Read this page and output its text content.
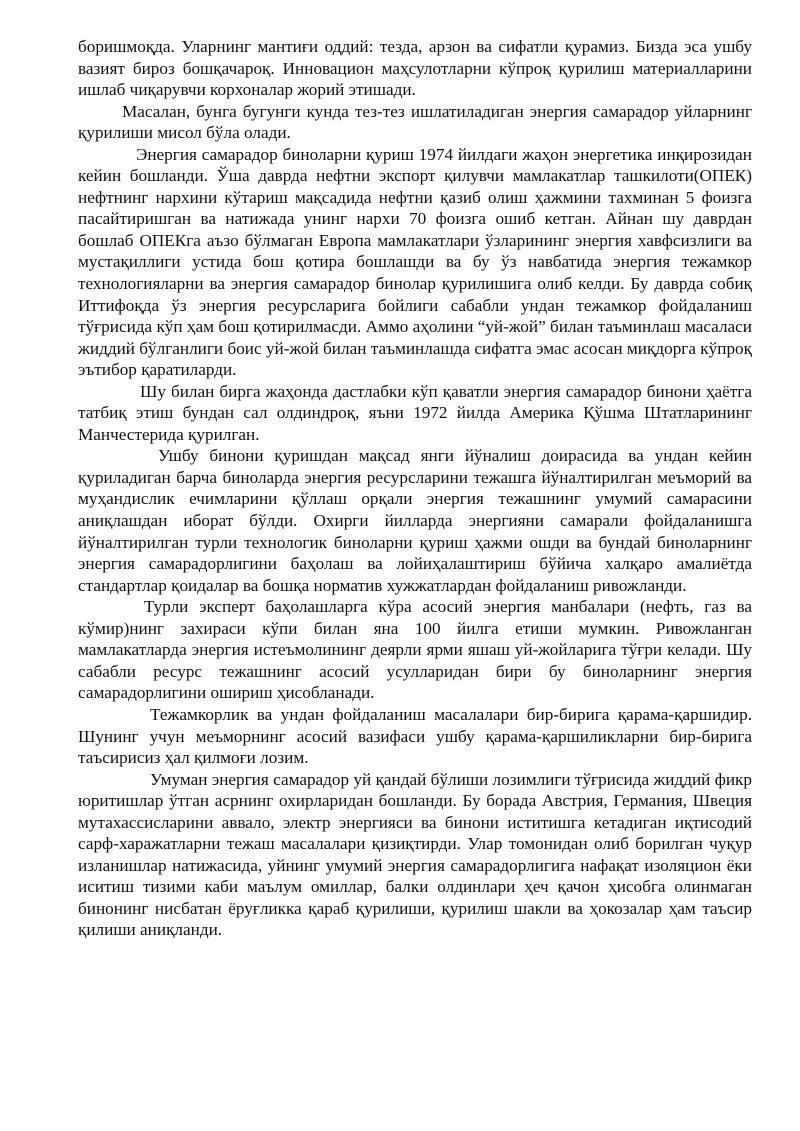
боришмоқда. Уларнинг мантиғи оддий: тезда, арзон ва сифатли қурамиз. Бизда эса ушбу вазият бироз бошқачароқ. Инновацион маҳсулотларни кўпроқ қурилиш материалларини ишлаб чиқарувчи корхоналар жорий этишади.

Масалан, бунга бугунги кунда тез-тез ишлатиладиган энергия самарадор уйларнинг қурилиши мисол бўла олади.

Энергия самарадор биноларни қуриш 1974 йилдаги жаҳон энергетика инқирозидан кейин бошланди. Ўша даврда нефтни экспорт қилувчи мамлакатлар ташкилоти(ОПЕК) нефтнинг нархини кўтариш мақсадида нефтни қазиб олиш ҳажмини тахминан 5 фоизга пасайтиришган ва натижада унинг нархи 70 фоизга ошиб кетган. Айнан шу даврдан бошлаб ОПЕКга аъзо бўлмаган Европа мамлакатлари ўзларининг энергия хавфсизлиги ва мустақиллиги устида бош қотира бошлашди ва бу ўз навбатида энергия тежамкор технологияларни ва энергия самарадор бинолар қурилишига олиб келди. Бу даврда собиқ Иттифоқда ўз энергия ресурсларига бойлиги сабабли ундан тежамкор фойдаланиш тўғрисида кўп ҳам бош қотирилмасди. Аммо аҳолини “уй-жой” билан таъминлаш масаласи жиддий бўлганлиги боис уй-жой билан таъминлашда сифатга эмас асосан миқдорга кўпроқ эътибор қаратиларди.

Шу билан бирга жаҳонда дастлабки кўп қаватли энергия самарадор бинони ҳаётга татбиқ этиш бундан сал олдиндроқ, яъни 1972 йилда Америка Қўшма Штатларининг Манчестерида қурилган.

Ушбу бинони қуришдан мақсад янги йўналиш доирасида ва ундан кейин қуриладиган барча биноларда энергия ресурсларини тежашга йўналтирилган меъморий ва муҳандислик ечимларини қўллаш орқали энергия тежашнинг умумий самарасини аниқлашдан иборат бўлди. Охирги йилларда энергияни самарали фойдаланишга йўналтирилган турли технологик биноларни қуриш ҳажми ошди ва бундай биноларнинг энергия самарадорлигини баҳолаш ва лойиҳалаштириш бўйича халқаро амалиётда стандартлар қоидалар ва бошқа норматив хужжатлардан фойдаланиш ривожланди.

Турли эксперт баҳолашларга кўра асосий энергия манбалари (нефть, газ ва кўмир)нинг захираси кўпи билан яна 100 йилга етиши мумкин. Ривожланган мамлакатларда энергия истеъмолининг деярли ярми яшаш уй-жойларига тўғри келади. Шу сабабли ресурс тежашнинг асосий усулларидан бири бу биноларнинг энергия самарадорлигини ошириш ҳисобланади.

Тежамкорлик ва ундан фойдаланиш масалалари бир-бирига қарама-қаршидир. Шунинг учун меъморнинг асосий вазифаси ушбу қарама-қаршиликларни бир-бирига таъсирисиз ҳал қилмоғи лозим.

Умуман энергия самарадор уй қандай бўлиши лозимлиги тўғрисида жиддий фикр юритишлар ўтган асрнинг охирларидан бошланди. Бу борада Австрия, Германия, Швеция мутахассисларини аввало, электр энергияси ва бинони иститишга кетадиган иқтисодий сарф-харажатларни тежаш масалалари қизиқтирди. Улар томонидан олиб борилган чуқур изланишлар натижасида, уйнинг умумий энергия самарадорлигига нафақат изоляцион ёки иситиш тизими каби маълум омиллар, балки олдинлари ҳеч қачон ҳисобга олинмаган бинонинг нисбатан ёруғликка қараб қурилиши, қурилиш шакли ва ҳокозалар ҳам таъсир қилиши аниқланди.
